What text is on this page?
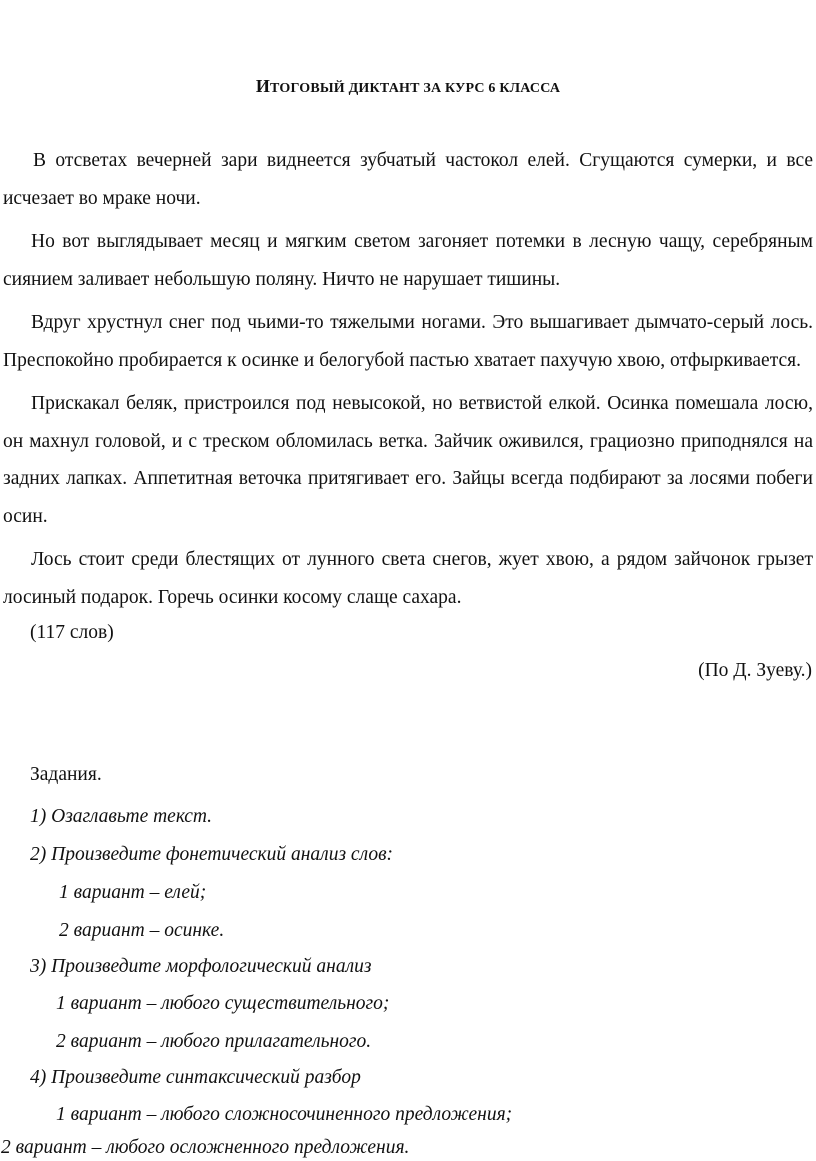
ИТОГОВЫЙ ДИКТАНТ ЗА КУРС 6 КЛАССА

В отсветах вечерней зари виднеется зубчатый частокол елей. Сгущаются сумерки, и все исчезает во мраке ночи.

Но вот выглядывает месяц и мягким светом загоняет потемки в лесную чащу, серебряным сиянием заливает небольшую поляну. Ничто не нарушает тишины.

Вдруг хрустнул снег под чьими-то тяжелыми ногами. Это вышагивает дымчато-серый лось. Преспокойно пробирается к осинке и белогубой пастью хватает пахучую хвою, отфыркивается.

Прискакал беляк, пристроился под невысокой, но ветвистой елкой. Осинка помешала лосю, он махнул головой, и с треском обломилась ветка. Зайчик оживился, грациозно приподнялся на задних лапках. Аппетитная веточка притягивает его. Зайцы всегда подбирают за лосями побеги осин.

Лось стоит среди блестящих от лунного света снегов, жует хвою, а рядом зайчонок грызет лосиный подарок. Горечь осинки косому слаще сахара.

(117 слов)
(По Д. Зуеву.)
Задания.
1) Озаглавьте текст.
2) Произведите фонетический анализ слов:
1 вариант – елей;
2 вариант – осинке.
3) Произведите морфологический анализ
1 вариант – любого существительного;
2 вариант – любого прилагательного.
4) Произведите синтаксический разбор
1 вариант – любого сложносочиненного предложения;
2 вариант – любого осложненного предложения.
